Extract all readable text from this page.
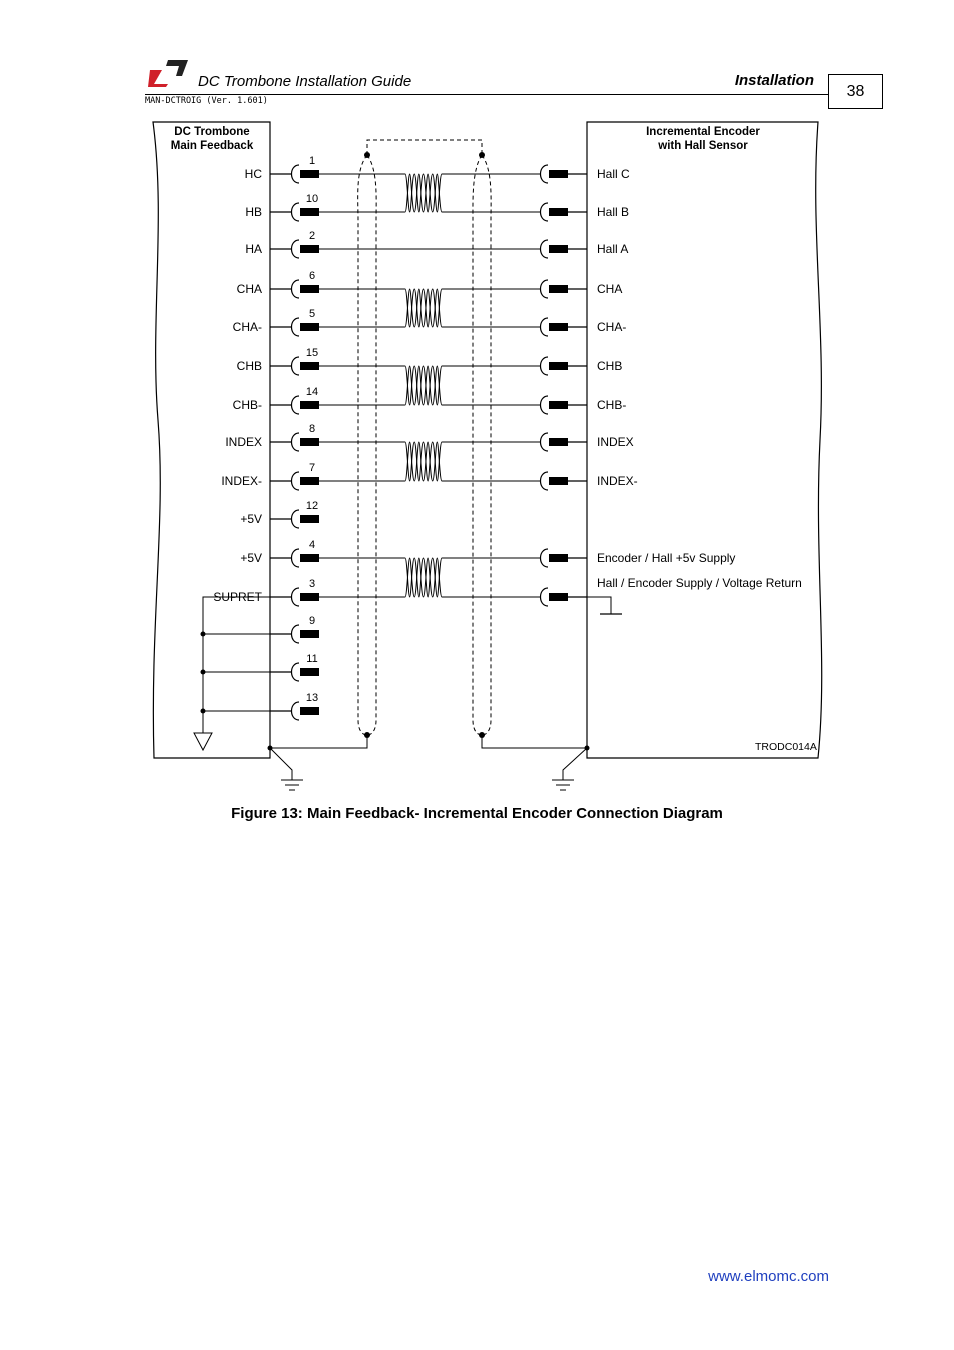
DC Trombone Installation Guide	Installation
MAN-DCTROIG (Ver. 1.601)
38
DC Trombone
Main Feedback
Incremental Encoder
with Hall Sensor
TRODC014A
HC
1
Hall C
HB
10
Hall B
HA
2
Hall A
CHA
6
CHA
CHA-
5
CHA-
CHB
15
CHB
CHB-
14
CHB-
INDEX
8
INDEX
INDEX-
7
INDEX-
+5V
12
+5V
4
Encoder / Hall +5v Supply
SUPRET
3	Hall / Encoder Supply / Voltage Return
9
11
13
Figure 13: Main Feedback- Incremental Encoder Connection Diagram
www.elmomc.com
